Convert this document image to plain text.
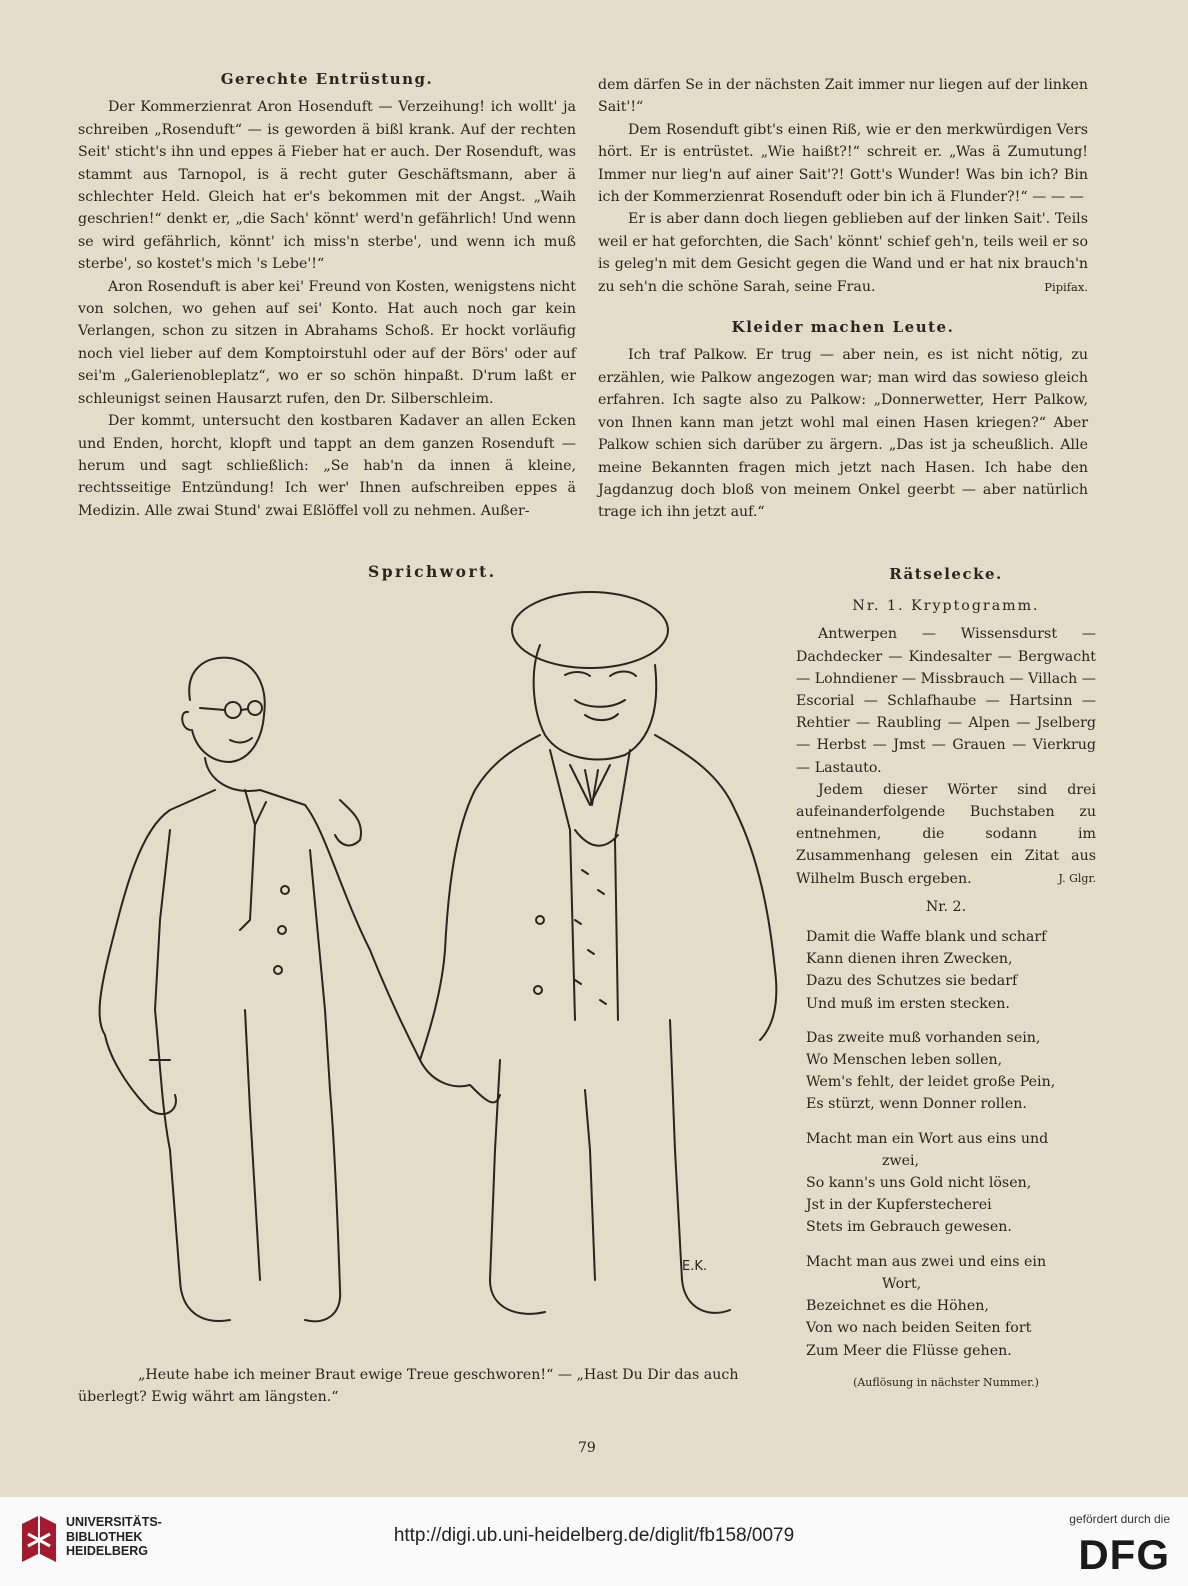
Gerechte Entrüstung.

Der Kommerzienrat Aron Hosenduft — Verzeihung! ich wollt' ja schreiben „Rosenduft“ — is geworden ä bißl krank. Auf der rechten Seit' sticht's ihn und eppes ä Fieber hat er auch. Der Rosenduft, was stammt aus Tarnopol, is ä recht guter Geschäftsmann, aber ä schlechter Held. Gleich hat er's bekommen mit der Angst. „Waih geschrien!“ denkt er, „die Sach' könnt' werd'n gefährlich! Und wenn se wird gefährlich, könnt' ich miss'n sterbe', und wenn ich muß sterbe', so kostet's mich 's Lebe'!“

Aron Rosenduft is aber kei' Freund von Kosten, wenigstens nicht von solchen, wo gehen auf sei' Konto. Hat auch noch gar kein Verlangen, schon zu sitzen in Abrahams Schoß. Er hockt vorläufig noch viel lieber auf dem Komptoirstuhl oder auf der Börs' oder auf sei'm „Galerienobleplatz“, wo er so schön hinpaßt. D'rum laßt er schleunigst seinen Hausarzt rufen, den Dr. Silberschleim.

Der kommt, untersucht den kostbaren Kadaver an allen Ecken und Enden, horcht, klopft und tappt an dem ganzen Rosenduft — herum und sagt schließlich: „Se hab'n da innen ä kleine, rechtsseitige Entzündung! Ich wer' Ihnen aufschreiben eppes ä Medizin. Alle zwai Stund' zwai Eßlöffel voll zu nehmen. Außer-

dem därfen Se in der nächsten Zait immer nur liegen auf der linken Sait'!“

Dem Rosenduft gibt's einen Riß, wie er den merkwürdigen Vers hört. Er is entrüstet. „Wie haißt?!“ schreit er. „Was ä Zumutung! Immer nur lieg'n auf ainer Sait'?! Gott's Wunder! Was bin ich? Bin ich der Kommerzienrat Rosenduft oder bin ich ä Flunder?!“ — — —

Er is aber dann doch liegen geblieben auf der linken Sait'. Teils weil er hat geforchten, die Sach' könnt' schief geh'n, teils weil er so is geleg'n mit dem Gesicht gegen die Wand und er hat nix brauch'n zu seh'n die schöne Sarah, seine Frau.	Pipifax.

Kleider machen Leute.

Ich traf Palkow. Er trug — aber nein, es ist nicht nötig, zu erzählen, wie Palkow angezogen war; man wird das sowieso gleich erfahren. Ich sagte also zu Palkow: „Donnerwetter, Herr Palkow, von Ihnen kann man jetzt wohl mal einen Hasen kriegen?“ Aber Palkow schien sich darüber zu ärgern. „Das ist ja scheußlich. Alle meine Bekannten fragen mich jetzt nach Hasen. Ich habe den Jagdanzug doch bloß von meinem Onkel geerbt — aber natürlich trage ich ihn jetzt auf.“

Sprichwort.
E.K.
„Heute habe ich meiner Braut ewige Treue geschworen!“ — „Hast Du Dir das auch
überlegt? Ewig währt am längsten.“
Rätselecke.
Nr. 1. Kryptogramm.

Antwerpen — Wissensdurst — Dachdecker — Kindesalter — Bergwacht — Lohndiener — Missbrauch — Villach — Escorial — Schlafhaube — Hartsinn — Rehtier — Raubling — Alpen — Jselberg — Herbst — Jmst — Grauen — Vierkrug — Lastauto.

Jedem dieser Wörter sind drei aufeinanderfolgende Buchstaben zu entnehmen, die sodann im Zusammenhang gelesen ein Zitat aus Wilhelm Busch ergeben.	J. Glgr.

Nr. 2.
Damit die Waffe blank und scharf
Kann dienen ihren Zwecken,
Dazu des Schutzes sie bedarf
Und muß im ersten stecken.
Das zweite muß vorhanden sein,
Wo Menschen leben sollen,
Wem's fehlt, der leidet große Pein,
Es stürzt, wenn Donner rollen.
Macht man ein Wort aus eins und
zwei,
So kann's uns Gold nicht lösen,
Jst in der Kupferstecherei
Stets im Gebrauch gewesen.
Macht man aus zwei und eins ein
Wort,
Bezeichnet es die Höhen,
Von wo nach beiden Seiten fort
Zum Meer die Flüsse gehen.
(Auflösung in nächster Nummer.)
79
UNIVERSITÄTS-
BIBLIOTHEK
HEIDELBERG
http://digi.ub.uni-heidelberg.de/diglit/fb158/0079
gefördert durch die
DFG
